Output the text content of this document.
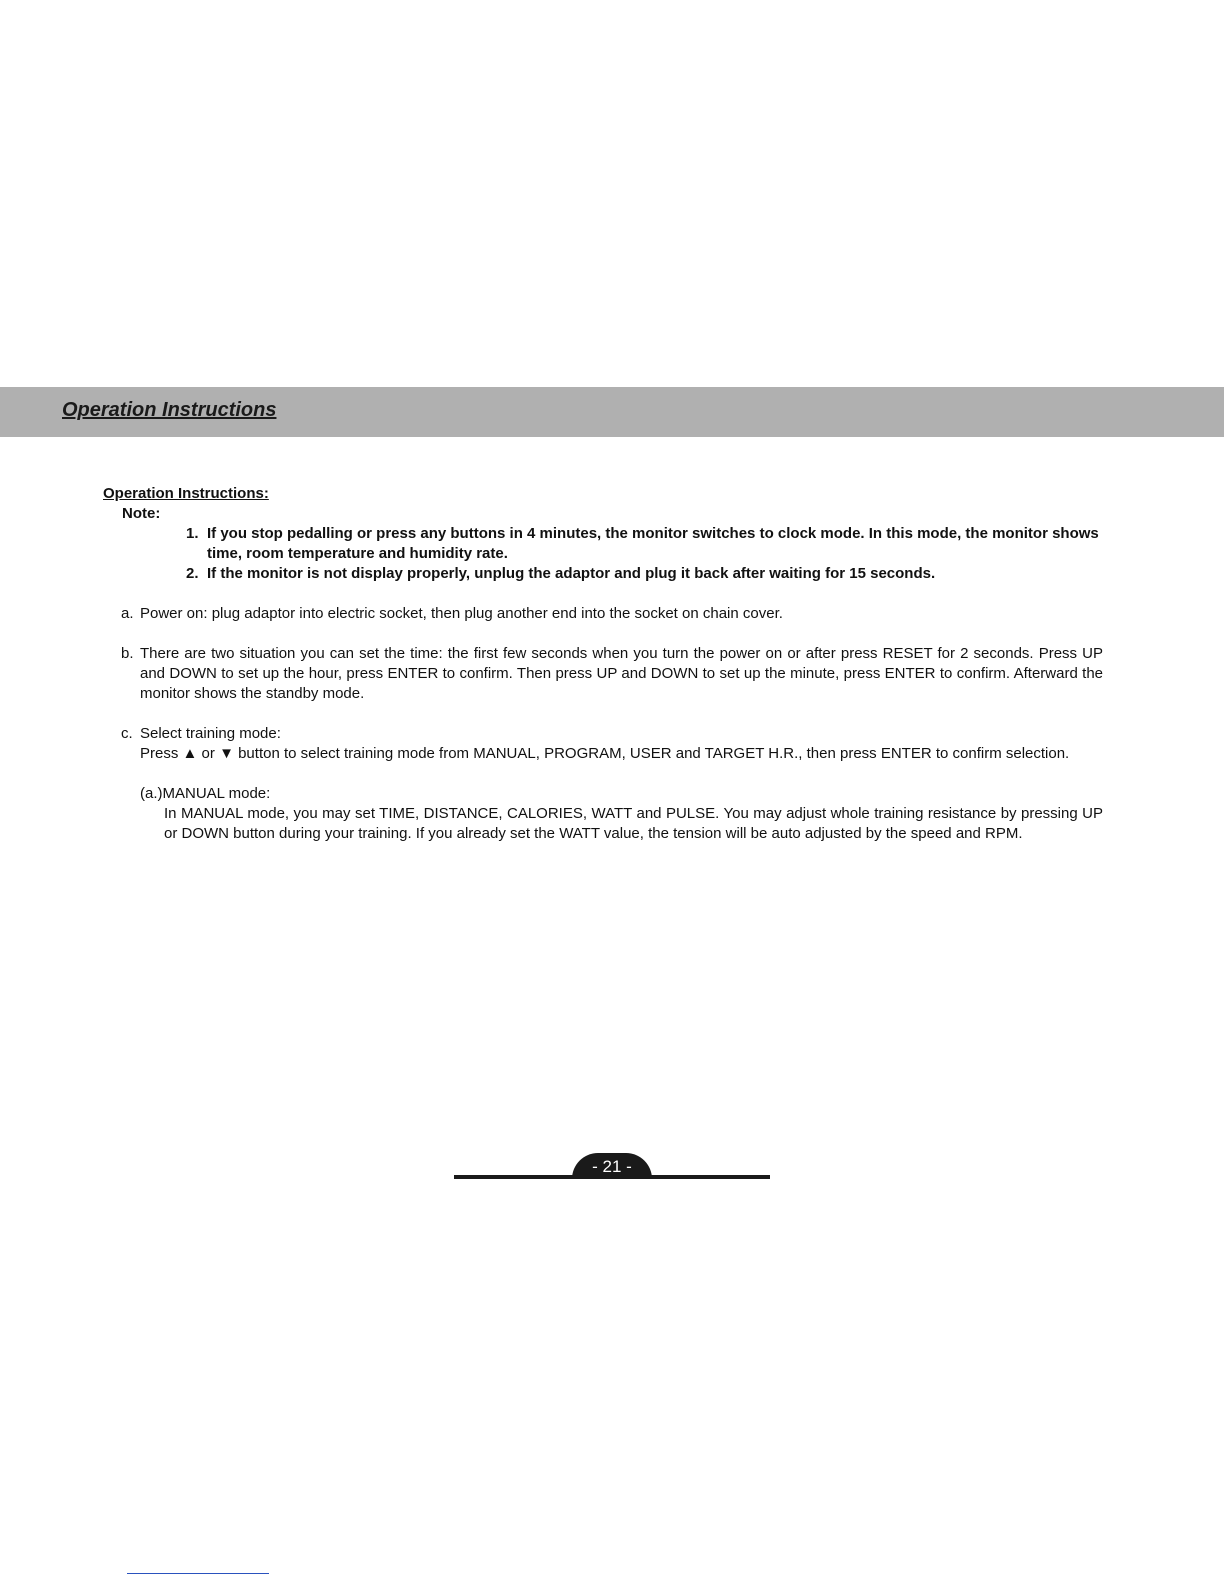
Operation Instructions

Operation Instructions:

Note:

1. If you stop pedalling or press any buttons in 4 minutes, the monitor switches to clock mode. In this mode, the monitor shows time, room temperature and humidity rate.
2. If the monitor is not display properly, unplug the adaptor and plug it back after waiting for 15 seconds.
a. Power on: plug adaptor into electric socket, then plug another end into the socket on chain cover.

b. There are two situation you can set the time: the first few seconds when you turn the power on or after press RESET for 2 seconds. Press UP and DOWN to set up the hour, press ENTER to confirm. Then press UP and DOWN to set up the minute, press ENTER to confirm. Afterward the monitor shows the standby mode.

c. Select training mode:

Press ▲ or ▼ button to select training mode from MANUAL, PROGRAM, USER and TARGET H.R., then press ENTER to confirm selection.

(a.)MANUAL mode:

In MANUAL mode, you may set TIME, DISTANCE, CALORIES, WATT and PULSE. You may adjust whole training resistance by pressing UP or DOWN button during your training. If you already set the WATT value, the tension will be auto adjusted by the speed and RPM.

- 21 -
